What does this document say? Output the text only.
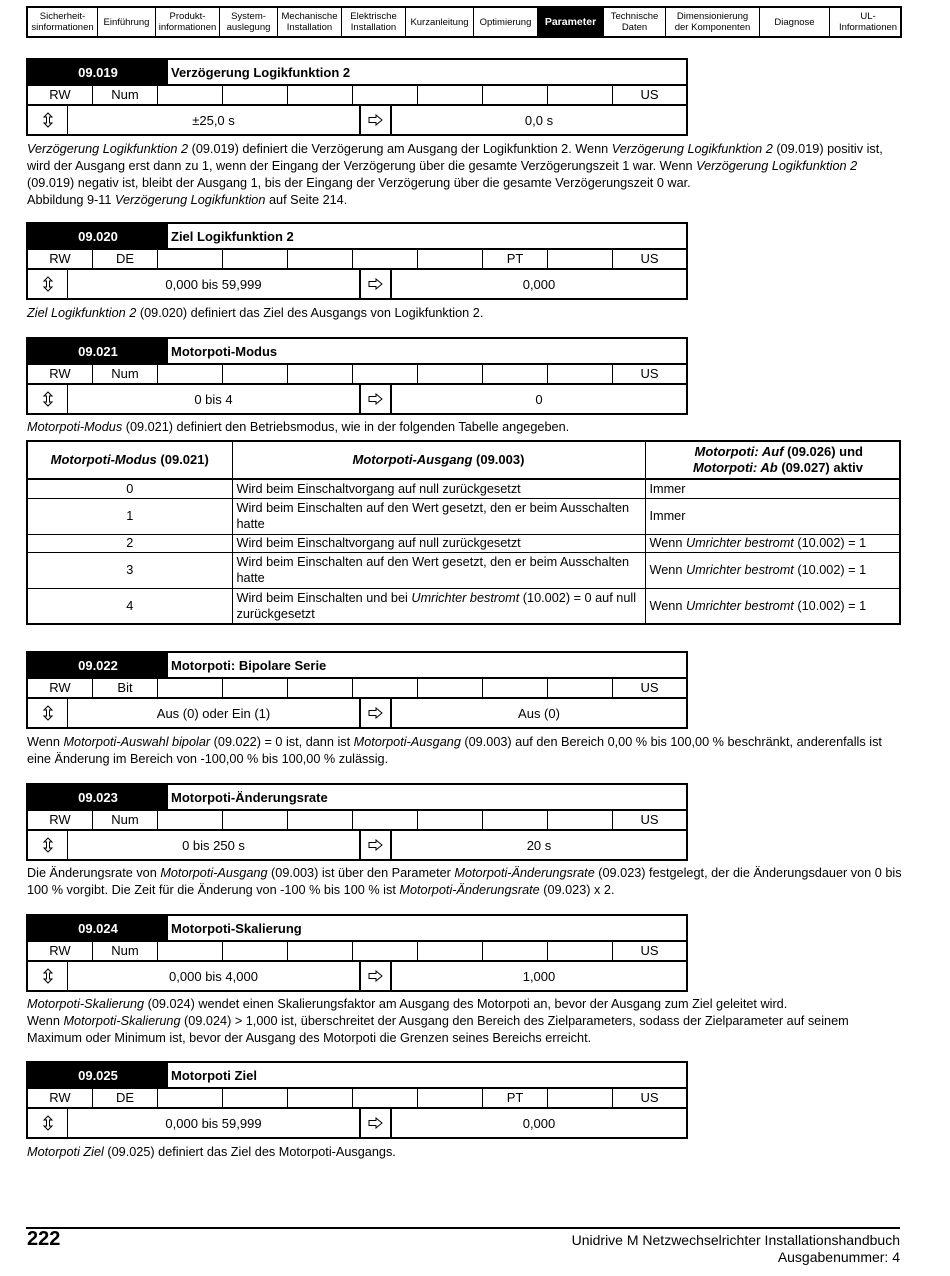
Sicherheit-
sinformationen	Einführung	Produkt-
informationen
System-
auslegung
Mechanische
Installation
Elektrische
Installation	Kurzanleitung	Optimierung	Parameter	Technische
Daten
Dimensionierung
der Komponenten	Diagnose	UL-
Informationen
09.019	Verzögerung Logikfunktion 2
RW	Num	US
±25,0 s	0,0 s
09.020	Ziel Logikfunktion 2
RW	DE	PT	US
0,000 bis 59,999	0,000
09.021	Motorpoti-Modus
RW	Num	US
0 bis 4	0
09.022	Motorpoti: Bipolare Serie
RW	Bit	US
Aus (0) oder Ein (1)	Aus (0)
09.023	Motorpoti-Änderungsrate
RW	Num	US
0 bis 250 s	20 s
09.024	Motorpoti-Skalierung
RW	Num	US
0,000 bis 4,000	1,000
09.025	Motorpoti Ziel
RW	DE	PT	US
0,000 bis 59,999	0,000
Verzögerung Logikfunktion 2 (09.019) definiert die Verzögerung am Ausgang der Logikfunktion 2. Wenn Verzögerung Logikfunktion 2 (09.019) positiv ist, wird der Ausgang erst dann zu 1, wenn der Eingang der Verzögerung über die gesamte Verzögerungszeit 1 war. Wenn Verzögerung Logikfunktion 2 (09.019) negativ ist, bleibt der Ausgang 1, bis der Eingang der Verzögerung über die gesamte Verzögerungszeit 0 war.
Abbildung 9-11 Verzögerung Logikfunktion auf Seite 214.
Ziel Logikfunktion 2 (09.020) definiert das Ziel des Ausgangs von Logikfunktion 2.
Motorpoti-Modus (09.021) definiert den Betriebsmodus, wie in der folgenden Tabelle angegeben.
Motorpoti-Modus (09.021)	Motorpoti-Ausgang (09.003)	Motorpoti: Auf (09.026) und
Motorpoti: Ab (09.027) aktiv
0	Wird beim Einschaltvorgang auf null zurückgesetzt	Immer
1	Wird beim Einschalten auf den Wert gesetzt, den er beim Ausschalten hatte	Immer
2	Wird beim Einschaltvorgang auf null zurückgesetzt	Wenn Umrichter bestromt (10.002) = 1
3	Wird beim Einschalten auf den Wert gesetzt, den er beim Ausschalten hatte	Wenn Umrichter bestromt (10.002) = 1
4	Wird beim Einschalten und bei Umrichter bestromt (10.002) = 0 auf null zurückgesetzt	Wenn Umrichter bestromt (10.002) = 1
Wenn Motorpoti-Auswahl bipolar (09.022) = 0 ist, dann ist Motorpoti-Ausgang (09.003) auf den Bereich 0,00 % bis 100,00 % beschränkt, anderenfalls ist eine Änderung im Bereich von -100,00 % bis 100,00 % zulässig.
Die Änderungsrate von Motorpoti-Ausgang (09.003) ist über den Parameter Motorpoti-Änderungsrate (09.023) festgelegt, der die Änderungsdauer von 0 bis 100 % vorgibt. Die Zeit für die Änderung von -100 % bis 100 % ist Motorpoti-Änderungsrate (09.023) x 2.
Motorpoti-Skalierung (09.024) wendet einen Skalierungsfaktor am Ausgang des Motorpoti an, bevor der Ausgang zum Ziel geleitet wird.
Wenn Motorpoti-Skalierung (09.024) > 1,000 ist, überschreitet der Ausgang den Bereich des Zielparameters, sodass der Zielparameter auf seinem Maximum oder Minimum ist, bevor der Ausgang des Motorpoti die Grenzen seines Bereichs erreicht.
Motorpoti Ziel (09.025) definiert das Ziel des Motorpoti-Ausgangs.
222	Unidrive M Netzwechselrichter Installationshandbuch
Ausgabenummer: 4
